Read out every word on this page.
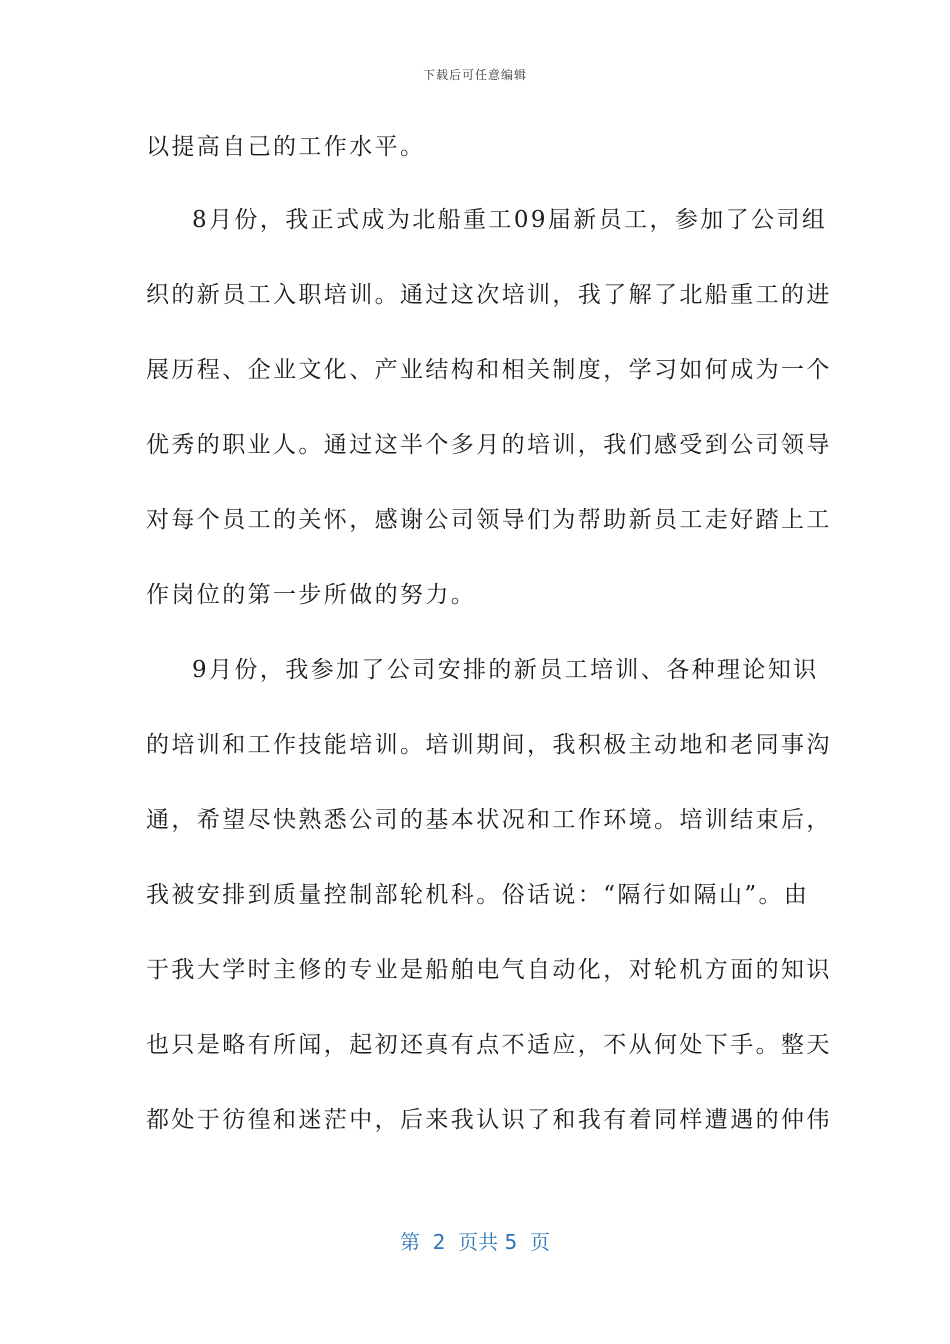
下载后可任意编辑
以提高自己的工作水平。
8月份，我正式成为北船重工09届新员工，参加了公司组
织的新员工入职培训。通过这次培训，我了解了北船重工的进
展历程、企业文化、产业结构和相关制度，学习如何成为一个
优秀的职业人。通过这半个多月的培训，我们感受到公司领导
对每个员工的关怀，感谢公司领导们为帮助新员工走好踏上工
作岗位的第一步所做的努力。
9月份，我参加了公司安排的新员工培训、各种理论知识
的培训和工作技能培训。培训期间，我积极主动地和老同事沟
通，希望尽快熟悉公司的基本状况和工作环境。培训结束后，
我被安排到质量控制部轮机科。俗话说：“隔行如隔山”。由
于我大学时主修的专业是船舶电气自动化，对轮机方面的知识
也只是略有所闻，起初还真有点不适应，不从何处下手。整天
都处于彷徨和迷茫中，后来我认识了和我有着同样遭遇的仲伟
第  2  页共 5  页
